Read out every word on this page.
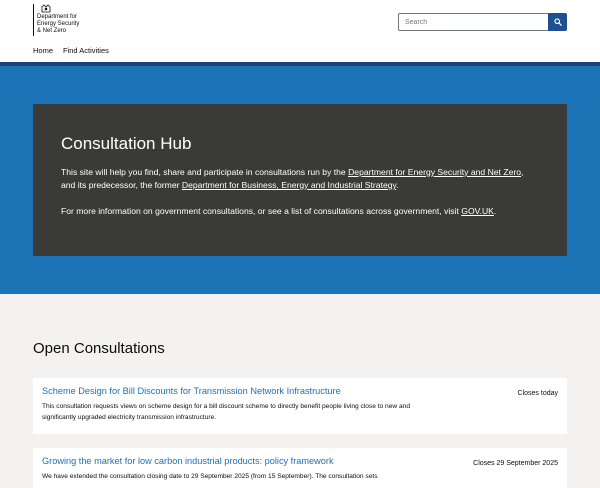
Department for
Energy Security
& Net Zero
Search
Home Find Activities
Consultation Hub

This site will help you find, share and participate in consultations run by the Department for Energy Security and Net Zero, and its predecessor, the former Department for Business, Energy and Industrial Strategy.

For more information on government consultations, or see a list of consultations across government, visit GOV.UK.

Open Consultations
Scheme Design for Bill Discounts for Transmission Network Infrastructure
This consultation requests views on scheme design for a bill discount scheme to directly benefit people living close to new and significantly upgraded electricity transmission infrastructure.
Closes today
Growing the market for low carbon industrial products: policy framework
We have extended the consultation closing date to 29 September 2025 (from 15 September). The consultation sets
Closes 29 September 2025
